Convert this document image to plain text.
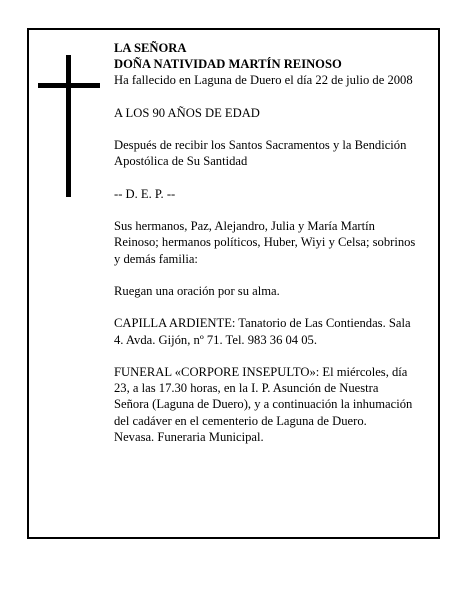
LA SEÑORA

DOÑA NATIVIDAD MARTÍN REINOSO

Ha fallecido en Laguna de Duero el día 22 de julio de 2008

A LOS 90 AÑOS DE EDAD

Después de recibir los Santos Sacramentos y la Bendición Apostólica de Su Santidad

-- D. E. P. --

Sus hermanos, Paz, Alejandro, Julia y María Martín Reinoso; hermanos políticos, Huber, Wiyi y Celsa; sobrinos y demás familia:

Ruegan una oración por su alma.

CAPILLA ARDIENTE: Tanatorio de Las Contiendas. Sala 4. Avda. Gijón, nº 71. Tel. 983 36 04 05.

FUNERAL «CORPORE INSEPULTO»: El miércoles, día 23, a las 17.30 horas, en la I. P. Asunción de Nuestra Señora (Laguna de Duero), y a continuación la inhumación del cadáver en el cementerio de Laguna de Duero.

Nevasa. Funeraria Municipal.
